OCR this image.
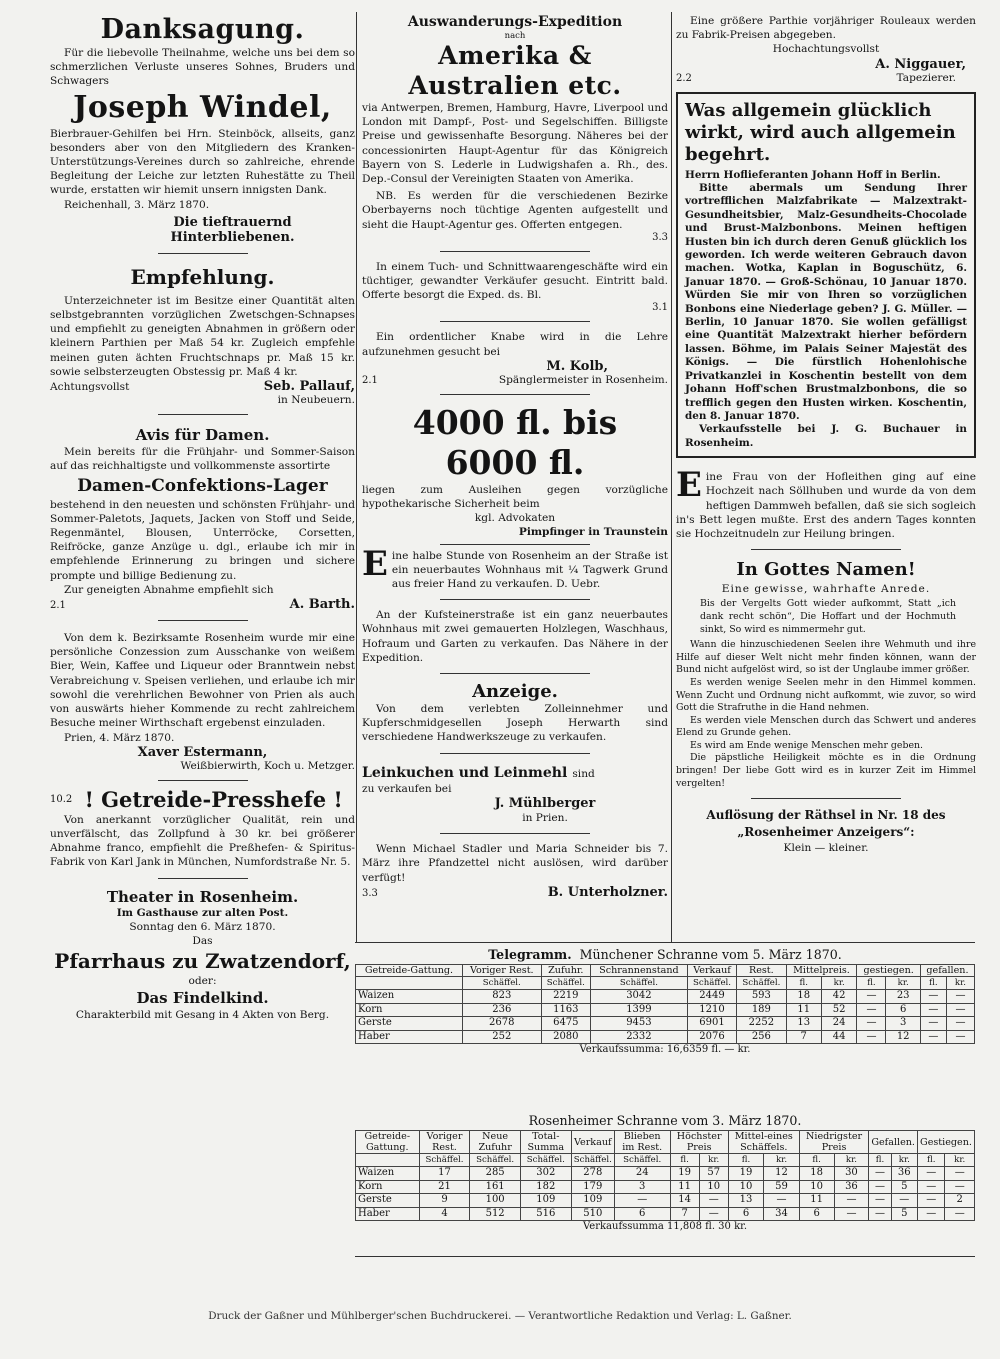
Danksagung.

Für die liebevolle Theilnahme, welche uns bei dem so schmerzlichen Verluste unseres Sohnes, Bruders und Schwagers

Joseph Windel,

Bierbrauer-Gehilfen bei Hrn. Steinböck, allseits, ganz besonders aber von den Mitgliedern des Kranken-Unterstützungs-Vereines durch so zahlreiche, ehrende Begleitung der Leiche zur letzten Ruhestätte zu Theil wurde, erstatten wir hiemit unsern innigsten Dank.

Reichenhall, 3. März 1870.

Die tieftrauernd Hinterbliebenen.

Empfehlung.

Unterzeichneter ist im Besitze einer Quantität alten selbstgebrannten vorzüglichen Zwetschgen-Schnapses und empfiehlt zu geneigten Abnahmen in größern oder kleinern Parthien per Maß 54 kr. Zugleich empfehle meinen guten ächten Fruchtschnaps pr. Maß 15 kr. sowie selbsterzeugten Obstessig pr. Maß 4 kr.

Achtungsvollst	Seb. Pallauf,

in Neubeuern.

Avis für Damen.

Mein bereits für die Frühjahr- und Sommer-Saison auf das reichhaltigste und vollkommenste assortirte

Damen-Confektions-Lager

bestehend in den neuesten und schönsten Frühjahr- und Sommer-Paletots, Jaquets, Jacken von Stoff und Seide, Regenmäntel, Blousen, Unterröcke, Corsetten, Reifröcke, ganze Anzüge u. dgl., erlaube ich mir in empfehlende Erinnerung zu bringen und sichere prompte und billige Bedienung zu.

Zur geneigten Abnahme empfiehlt sich

2.1	A. Barth.

Von dem k. Bezirksamte Rosenheim wurde mir eine persönliche Conzession zum Ausschanke von weißem Bier, Wein, Kaffee und Liqueur oder Branntwein nebst Verabreichung v. Speisen verliehen, und erlaube ich mir sowohl die verehrlichen Bewohner von Prien als auch von auswärts hieher Kommende zu recht zahlreichem Besuche meiner Wirthschaft ergebenst einzuladen.

Prien, 4. März 1870.

Xaver Estermann,

Weißbierwirth, Koch u. Metzger.

10.2 ! Getreide-Presshefe !

Von anerkannt vorzüglicher Qualität, rein und unverfälscht, das Zollpfund à 30 kr. bei größerer Abnahme franco, empfiehlt die Preßhefen- & Spiritus-Fabrik von Karl Jank in München, Numfordstraße Nr. 5.

Theater in Rosenheim.

Im Gasthause zur alten Post.

Sonntag den 6. März 1870.

Das

Pfarrhaus zu Zwatzendorf,

oder:

Das Findelkind.

Charakterbild mit Gesang in 4 Akten von Berg.

Auswanderungs-Expedition

nach

Amerika & Australien etc.

via Antwerpen, Bremen, Hamburg, Havre, Liverpool und London mit Dampf-, Post- und Segelschiffen. Billigste Preise und gewissenhafte Besorgung. Näheres bei der concessionirten Haupt-Agentur für das Königreich Bayern von S. Lederle in Ludwigshafen a. Rh., des. Dep.-Consul der Vereinigten Staaten von Amerika.

NB. Es werden für die verschiedenen Bezirke Oberbayerns noch tüchtige Agenten aufgestellt und sieht die Haupt-Agentur ges. Offerten entgegen.

3.3

In einem Tuch- und Schnittwaarengeschäfte wird ein tüchtiger, gewandter Verkäufer gesucht. Eintritt bald. Offerte besorgt die Exped. ds. Bl.

3.1

Ein ordentlicher Knabe wird in die Lehre aufzunehmen gesucht bei

M. Kolb,

2.1	Spänglermeister in Rosenheim.

4000 fl. bis 6000 fl.

liegen zum Ausleihen gegen vorzügliche hypothekarische Sicherheit beim

kgl. Advokaten

Pimpfinger in Traunstein

Eine halbe Stunde von Rosenheim an der Straße ist ein neuerbautes Wohnhaus mit ¼ Tagwerk Grund aus freier Hand zu verkaufen. D. Uebr.

An der Kufsteinerstraße ist ein ganz neuerbautes Wohnhaus mit zwei gemauerten Holzlegen, Waschhaus, Hofraum und Garten zu verkaufen. Das Nähere in der Expedition.

Anzeige.

Von dem verlebten Zolleinnehmer und Kupferschmidgesellen Joseph Herwarth sind verschiedene Handwerkszeuge zu verkaufen.

Leinkuchen und Leinmehl sind

zu verkaufen bei

J. Mühlberger

in Prien.

Wenn Michael Stadler und Maria Schneider bis 7. März ihre Pfandzettel nicht auslösen, wird darüber verfügt!

3.3	B. Unterholzner.

Eine größere Parthie vorjähriger Rouleaux werden zu Fabrik-Preisen abgegeben.

Hochachtungsvollst

A. Niggauer,

2.2	Tapezierer.

Was allgemein glücklich wirkt, wird auch allgemein begehrt.

Herrn Hoflieferanten Johann Hoff in Berlin.

Bitte abermals um Sendung Ihrer vortrefflichen Malzfabrikate — Malzextrakt-Gesundheitsbier, Malz-Gesundheits-Chocolade und Brust-Malzbonbons. Meinen heftigen Husten bin ich durch deren Genuß glücklich los geworden. Ich werde weiteren Gebrauch davon machen. Wotka, Kaplan in Boguschütz, 6. Januar 1870. — Groß-Schönau, 10 Januar 1870. Würden Sie mir von Ihren so vorzüglichen Bonbons eine Niederlage geben? J. G. Müller. — Berlin, 10 Januar 1870. Sie wollen gefälligst eine Quantität Malzextrakt hierher befördern lassen. Böhme, im Palais Seiner Majestät des Königs. — Die fürstlich Hohenlohische Privatkanzlei in Koschentin bestellt von dem Johann Hoff'schen Brustmalzbonbons, die so trefflich gegen den Husten wirken. Koschentin, den 8. Januar 1870.

Verkaufsstelle bei J. G. Buchauer in Rosenheim.

Eine Frau von der Hofleithen ging auf eine Hochzeit nach Söllhuben und wurde da von dem heftigen Dammweh befallen, daß sie sich sogleich in's Bett legen mußte. Erst des andern Tages konnten sie Hochzeitnudeln zur Heilung bringen.

In Gottes Namen!

Eine gewisse, wahrhafte Anrede.

Bis der Vergelts Gott wieder aufkommt, Statt „ich dank recht schön“, Die Hoffart und der Hochmuth sinkt, So wird es nimmermehr gut.

Wann die hinzuschiedenen Seelen ihre Wehmuth und ihre Hilfe auf dieser Welt nicht mehr finden können, wann der Bund nicht aufgelöst wird, so ist der Unglaube immer größer.

Es werden wenige Seelen mehr in den Himmel kommen. Wenn Zucht und Ordnung nicht aufkommt, wie zuvor, so wird Gott die Strafruthe in die Hand nehmen.

Es werden viele Menschen durch das Schwert und anderes Elend zu Grunde gehen.

Es wird am Ende wenige Menschen mehr geben.

Die päpstliche Heiligkeit möchte es in die Ordnung bringen! Der liebe Gott wird es in kurzer Zeit im Himmel vergelten!

Auflösung der Räthsel in Nr. 18 des „Rosenheimer Anzeigers“:

Klein — kleiner.

Telegramm. Münchener Schranne vom 5. März 1870.

Getreide-Gattung.	Voriger Rest.	Zufuhr.	Schrannenstand	Verkauf	Rest.	Mittelpreis.		gestiegen.		gefallen.	
	Schäffel.	Schäffel.	Schäffel.	Schäffel.	Schäffel.	fl.	kr.	fl.	kr.	fl.	kr.
Waizen	823	2219	3042	2449	593	18	42	—	23	—	—
Korn	236	1163	1399	1210	189	11	52	—	6	—	—
Gerste	2678	6475	9453	6901	2252	13	24	—	3	—	—
Haber	252	2080	2332	2076	256	7	44	—	12	—	—

Verkaufssumma: 16,6359 fl. — kr.

Rosenheimer Schranne vom 3. März 1870.

Getreide-Gattung.	Voriger Rest.	Neue Zufuhr	Total-Summa	Verkauf	Blieben im Rest.	Höchster Preis		Mittel-eines Schäffels.		Niedrigster Preis		Gefallen.		Gestiegen.	
	Schäffel.	Schäffel.	Schäffel.	Schäffel.	Schäffel.	fl.	kr.	fl.	kr.	fl.	kr.	fl.	kr.	fl.	kr.
Waizen	17	285	302	278	24	19	57	19	12	18	30	—	36	—	—
Korn	21	161	182	179	3	11	10	10	59	10	36	—	5	—	—
Gerste	9	100	109	109	—	14	—	13	—	11	—	—	—	—	2
Haber	4	512	516	510	6	7	—	6	34	6	—	—	5	—	—

Verkaufssumma 11,808 fl. 30 kr.

Druck der Gaßner und Mühlberger'schen Buchdruckerei. — Verantwortliche Redaktion und Verlag: L. Gaßner.
